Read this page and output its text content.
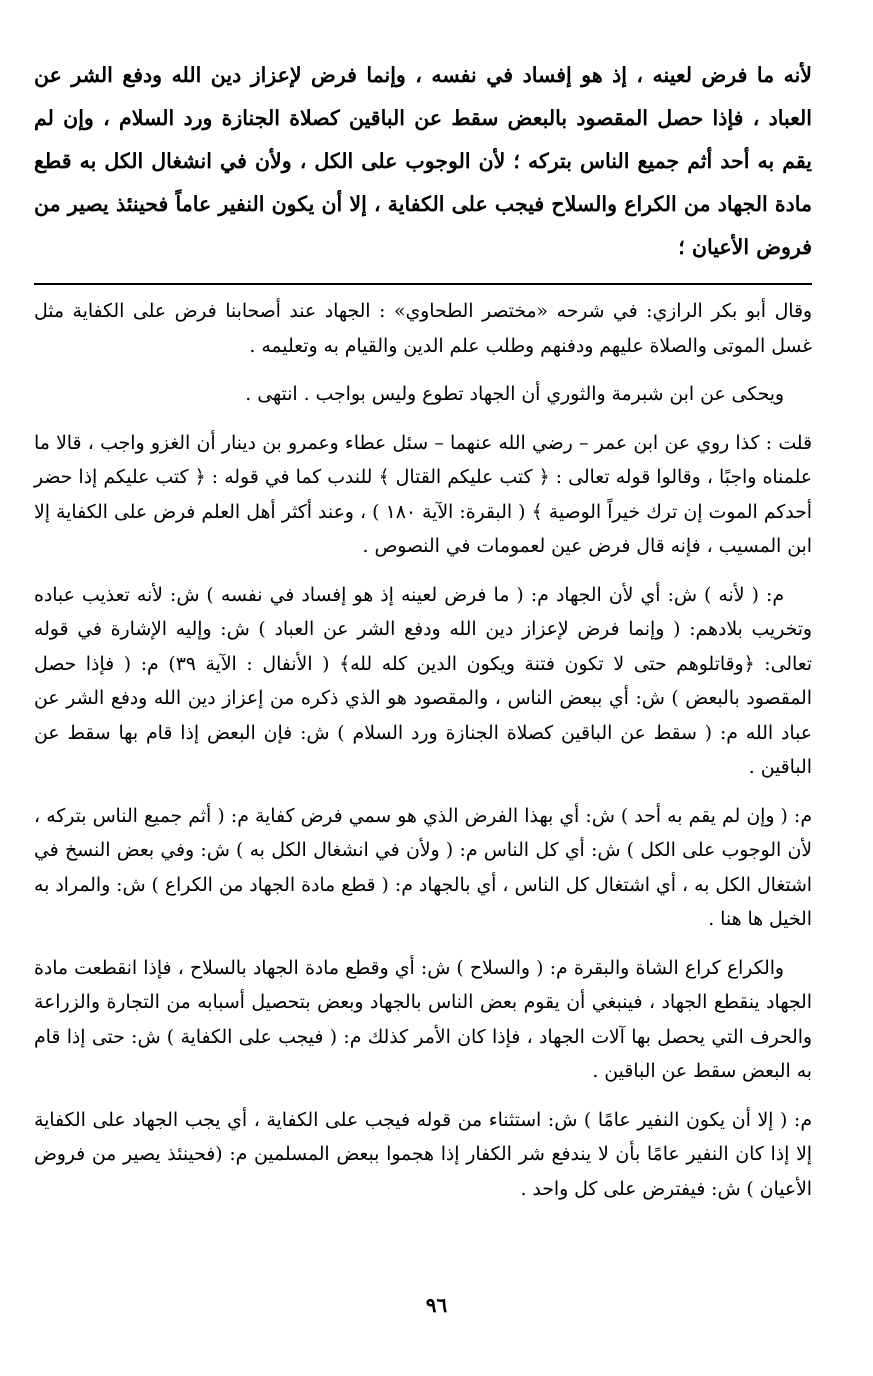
لأنه ما فرض لعينه ، إذ هو إفساد في نفسه ، وإنما فرض لإعزاز دين الله ودفع الشر عن العباد ، فإذا حصل المقصود بالبعض سقط عن الباقين كصلاة الجنازة ورد السلام ، وإن لم يقم به أحد أثم جميع الناس بتركه ؛ لأن الوجوب على الكل ، ولأن في انشغال الكل به قطع مادة الجهاد من الكراع والسلاح فيجب على الكفاية ، إلا أن يكون النفير عاماً فحينئذ يصير من فروض الأعيان ؛

وقال أبو بكر الرازي: في شرحه «مختصر الطحاوي» : الجهاد عند أصحابنا فرض على الكفاية مثل غسل الموتى والصلاة عليهم ودفنهم وطلب علم الدين والقيام به وتعليمه .

ويحكى عن ابن شبرمة والثوري أن الجهاد تطوع وليس بواجب . انتهى .

قلت : كذا روي عن ابن عمر – رضي الله عنهما – سئل عطاء وعمرو بن دينار أن الغزو واجب ، قالا ما علمناه واجبًا ، وقالوا قوله تعالى : ﴿ كتب عليكم القتال ﴾ للندب كما في قوله : ﴿ كتب عليكم إذا حضر أحدكم الموت إن ترك خيراً الوصية ﴾ ( البقرة: الآية ١٨٠ ) ، وعند أكثر أهل العلم فرض على الكفاية إلا ابن المسيب ، فإنه قال فرض عين لعمومات في النصوص .

م: ( لأنه ) ش: أي لأن الجهاد م: ( ما فرض لعينه إذ هو إفساد في نفسه ) ش: لأنه تعذيب عباده وتخريب بلادهم: ( وإنما فرض لإعزاز دين الله ودفع الشر عن العباد ) ش: وإليه الإشارة في قوله تعالى: ﴿وقاتلوهم حتى لا تكون فتنة ويكون الدين كله لله﴾ ( الأنفال : الآية ٣٩) م: ( فإذا حصل المقصود بالبعض ) ش: أي ببعض الناس ، والمقصود هو الذي ذكره من إعزاز دين الله ودفع الشر عن عباد الله م: ( سقط عن الباقين كصلاة الجنازة ورد السلام ) ش: فإن البعض إذا قام بها سقط عن الباقين .

م: ( وإن لم يقم به أحد ) ش: أي بهذا الفرض الذي هو سمي فرض كفاية م: ( أثم جميع الناس بتركه ، لأن الوجوب على الكل ) ش: أي كل الناس م: ( ولأن في انشغال الكل به ) ش: وفي بعض النسخ في اشتغال الكل به ، أي اشتغال كل الناس ، أي بالجهاد م: ( قطع مادة الجهاد من الكراع ) ش: والمراد به الخيل ها هنا .

والكراع كراع الشاة والبقرة م: ( والسلاح ) ش: أي وقطع مادة الجهاد بالسلاح ، فإذا انقطعت مادة الجهاد ينقطع الجهاد ، فينبغي أن يقوم بعض الناس بالجهاد وبعض بتحصيل أسبابه من التجارة والزراعة والحرف التي يحصل بها آلات الجهاد ، فإذا كان الأمر كذلك م: ( فيجب على الكفاية ) ش: حتى إذا قام به البعض سقط عن الباقين .

م: ( إلا أن يكون النفير عامًا ) ش: استثناء من قوله فيجب على الكفاية ، أي يجب الجهاد على الكفاية إلا إذا كان النفير عامًا بأن لا يندفع شر الكفار إذا هجموا ببعض المسلمين م: (فحينئذ يصير من فروض الأعيان ) ش: فيفترض على كل واحد .

٩٦
